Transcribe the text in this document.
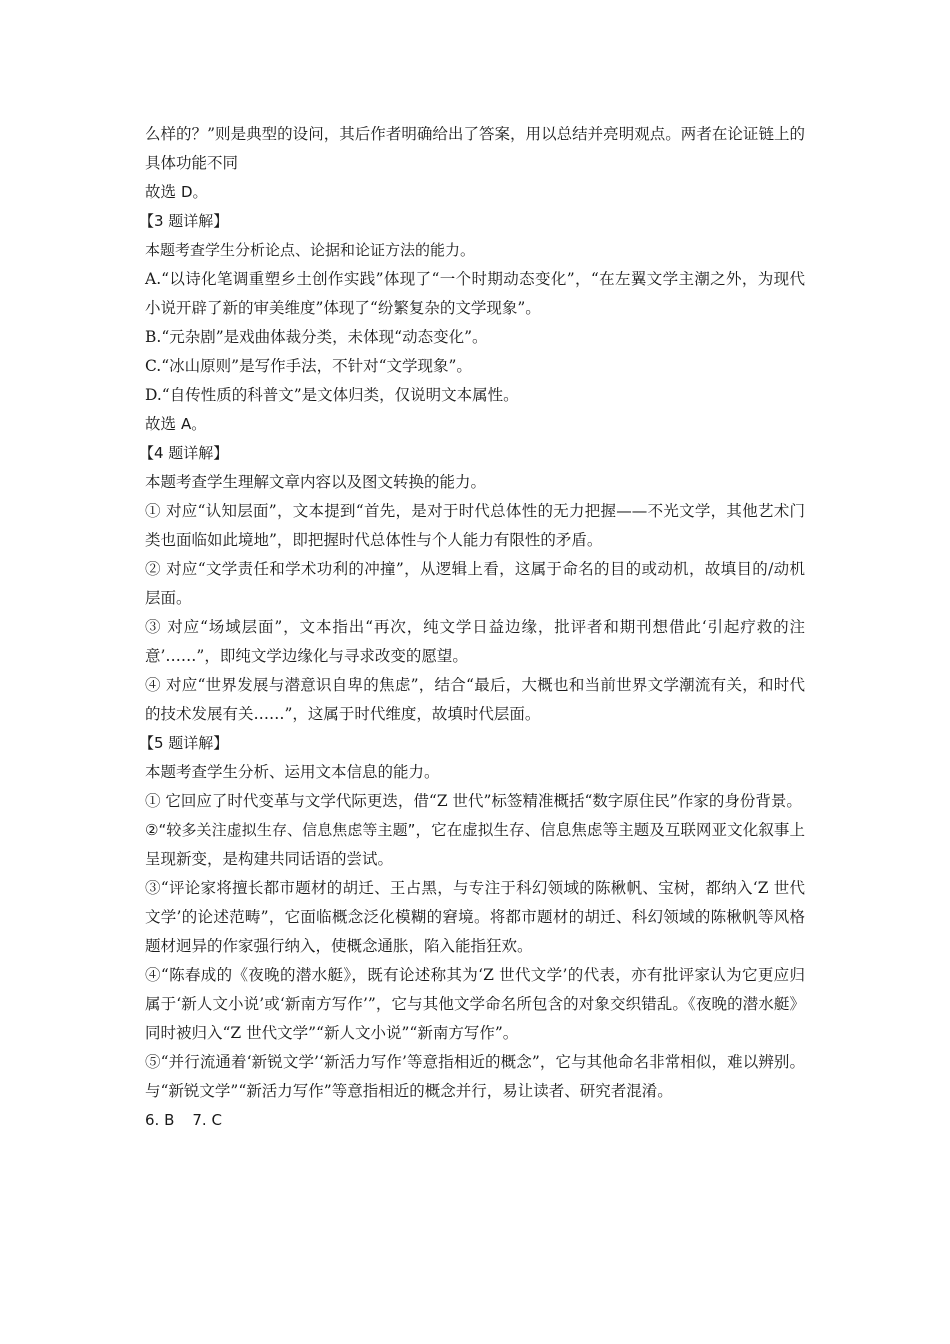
么样的？”则是典型的设问，其后作者明确给出了答案，用以总结并亮明观点。两者在论证链上的具体功能不同

故选 D。

【3 题详解】

本题考查学生分析论点、论据和论证方法的能力。

A.“以诗化笔调重塑乡土创作实践”体现了“一个时期动态变化”，“在左翼文学主潮之外，为现代小说开辟了新的审美维度”体现了“纷繁复杂的文学现象”。

B.“元杂剧”是戏曲体裁分类，未体现“动态变化”。

C.“冰山原则”是写作手法，不针对“文学现象”。

D.“自传性质的科普文”是文体归类，仅说明文本属性。

故选 A。

【4 题详解】

本题考查学生理解文章内容以及图文转换的能力。

① 对应“认知层面”，文本提到“首先，是对于时代总体性的无力把握——不光文学，其他艺术门类也面临如此境地”，即把握时代总体性与个人能力有限性的矛盾。

② 对应“文学责任和学术功利的冲撞”，从逻辑上看，这属于命名的目的或动机，故填目的/动机层面。

③ 对应“场域层面”，文本指出“再次，纯文学日益边缘，批评者和期刊想借此‘引起疗救的注意’……”，即纯文学边缘化与寻求改变的愿望。

④ 对应“世界发展与潜意识自卑的焦虑”，结合“最后，大概也和当前世界文学潮流有关，和时代的技术发展有关……”，这属于时代维度，故填时代层面。

【5 题详解】

本题考查学生分析、运用文本信息的能力。

① 它回应了时代变革与文学代际更迭，借“Z 世代”标签精准概括“数字原住民”作家的身份背景。

②“较多关注虚拟生存、信息焦虑等主题”，它在虚拟生存、信息焦虑等主题及互联网亚文化叙事上呈现新变，是构建共同话语的尝试。

③“评论家将擅长都市题材的胡迁、王占黑，与专注于科幻领域的陈楸帆、宝树，都纳入‘Z 世代文学’的论述范畴”，它面临概念泛化模糊的窘境。将都市题材的胡迁、科幻领域的陈楸帆等风格题材迥异的作家强行纳入，使概念通胀，陷入能指狂欢。

④“陈春成的《夜晚的潜水艇》，既有论述称其为‘Z 世代文学’的代表，亦有批评家认为它更应归属于‘新人文小说’或‘新南方写作’”，它与其他文学命名所包含的对象交织错乱。《夜晚的潜水艇》同时被归入“Z 世代文学”“新人文小说”“新南方写作”。

⑤“并行流通着‘新锐文学’‘新活力写作’等意指相近的概念”，它与其他命名非常相似，难以辨别。与“新锐文学”“新活力写作”等意指相近的概念并行，易让读者、研究者混淆。

6. B 7. C
